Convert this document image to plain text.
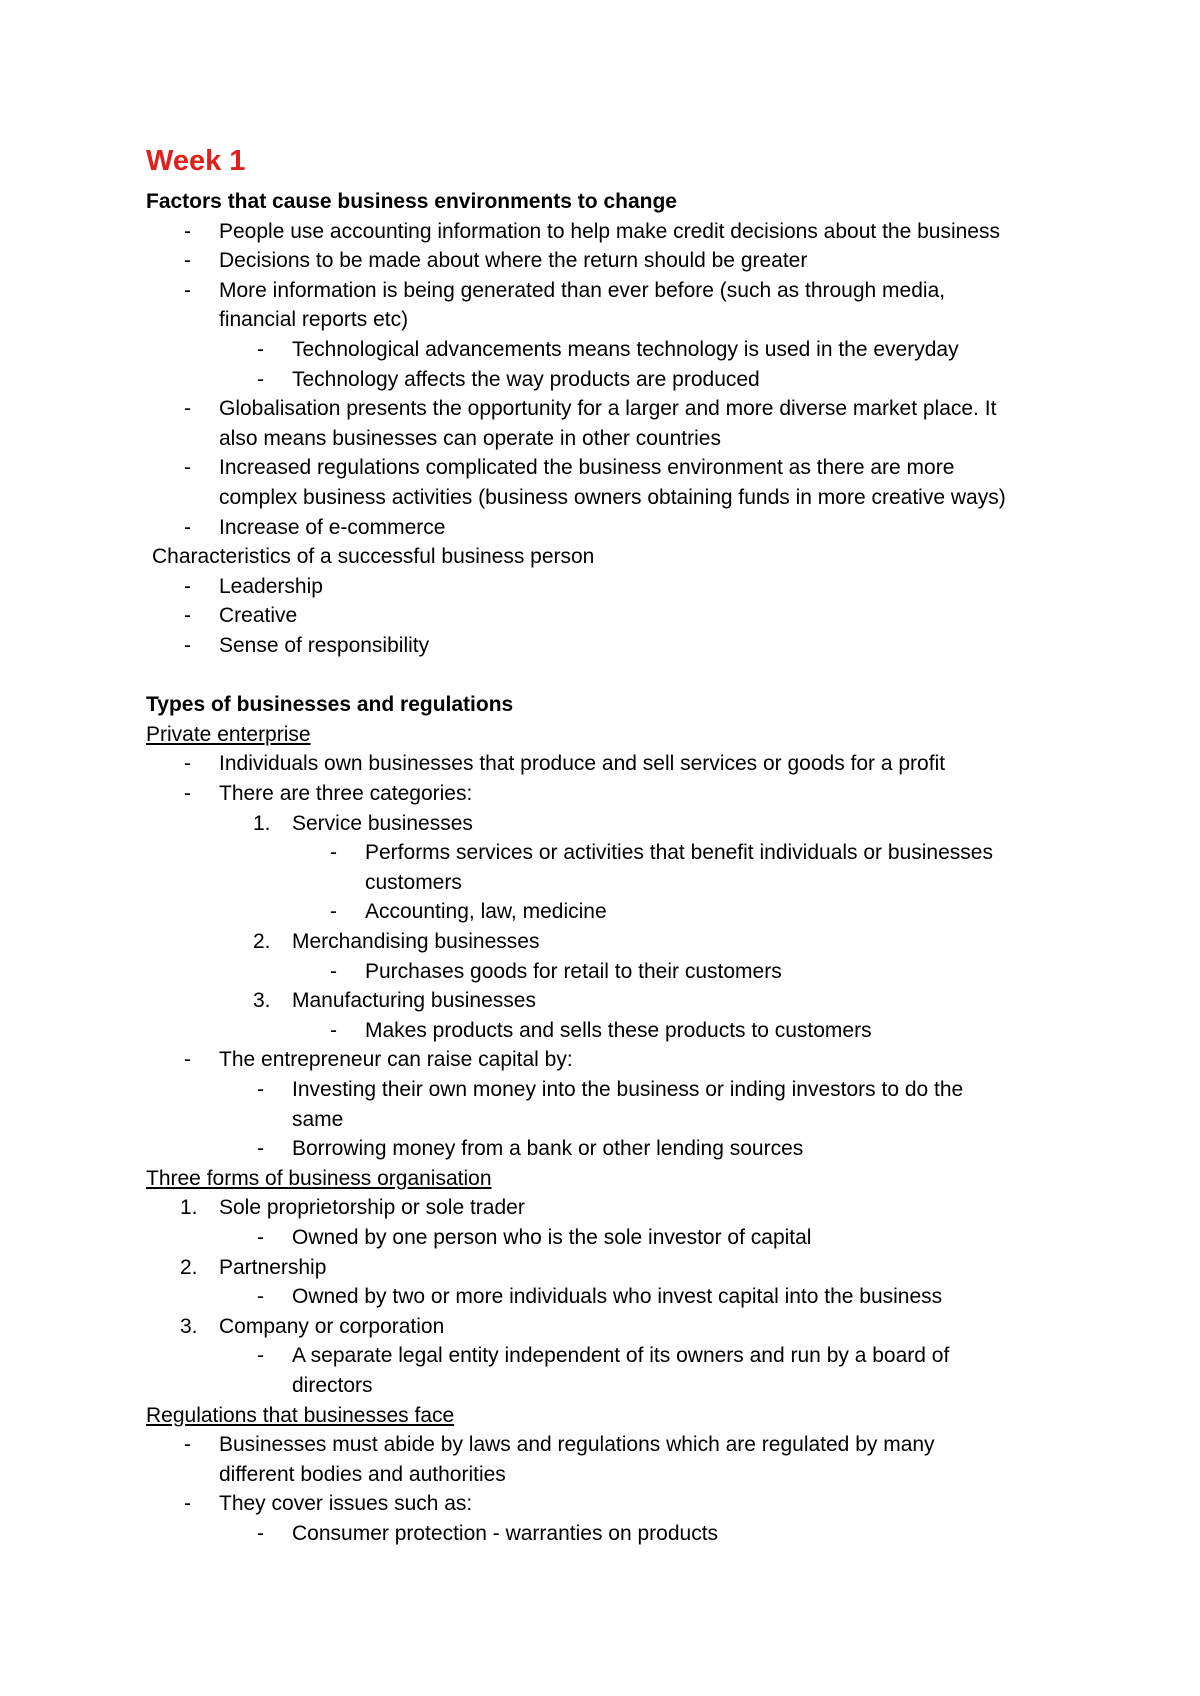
Week 1
Factors that cause business environments to change
- People use accounting information to help make credit decisions about the business
- Decisions to be made about where the return should be greater
- More information is being generated than ever before (such as through media,
financial reports etc)
- Technological advancements means technology is used in the everyday
- Technology affects the way products are produced
- Globalisation presents the opportunity for a larger and more diverse market place. It
also means businesses can operate in other countries
- Increased regulations complicated the business environment as there are more
complex business activities (business owners obtaining funds in more creative ways)
- Increase of e-commerce
Characteristics of a successful business person
- Leadership
- Creative
- Sense of responsibility
Types of businesses and regulations
Private enterprise
- Individuals own businesses that produce and sell services or goods for a profit
- There are three categories:
1. Service businesses
- Performs services or activities that benefit individuals or businesses
customers
- Accounting, law, medicine
2. Merchandising businesses
- Purchases goods for retail to their customers
3. Manufacturing businesses
- Makes products and sells these products to customers
- The entrepreneur can raise capital by:
- Investing their own money into the business or inding investors to do the
same
- Borrowing money from a bank or other lending sources
Three forms of business organisation
1. Sole proprietorship or sole trader
- Owned by one person who is the sole investor of capital
2. Partnership
- Owned by two or more individuals who invest capital into the business
3. Company or corporation
- A separate legal entity independent of its owners and run by a board of
directors
Regulations that businesses face
- Businesses must abide by laws and regulations which are regulated by many
different bodies and authorities
- They cover issues such as:
- Consumer protection - warranties on products
